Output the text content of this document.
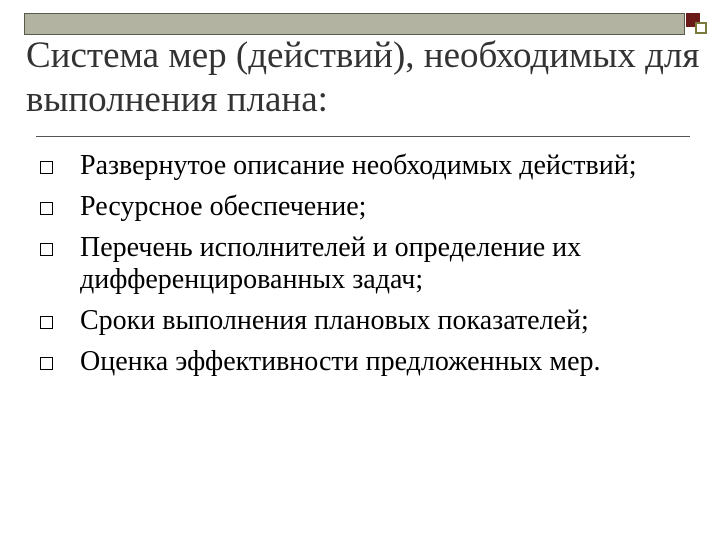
Система мер (действий), необходимых для выполнения плана:
Развернутое описание необходимых действий;
Ресурсное обеспечение;
Перечень исполнителей и определение их дифференцированных задач;
Сроки выполнения плановых показателей;
Оценка эффективности предложенных мер.
